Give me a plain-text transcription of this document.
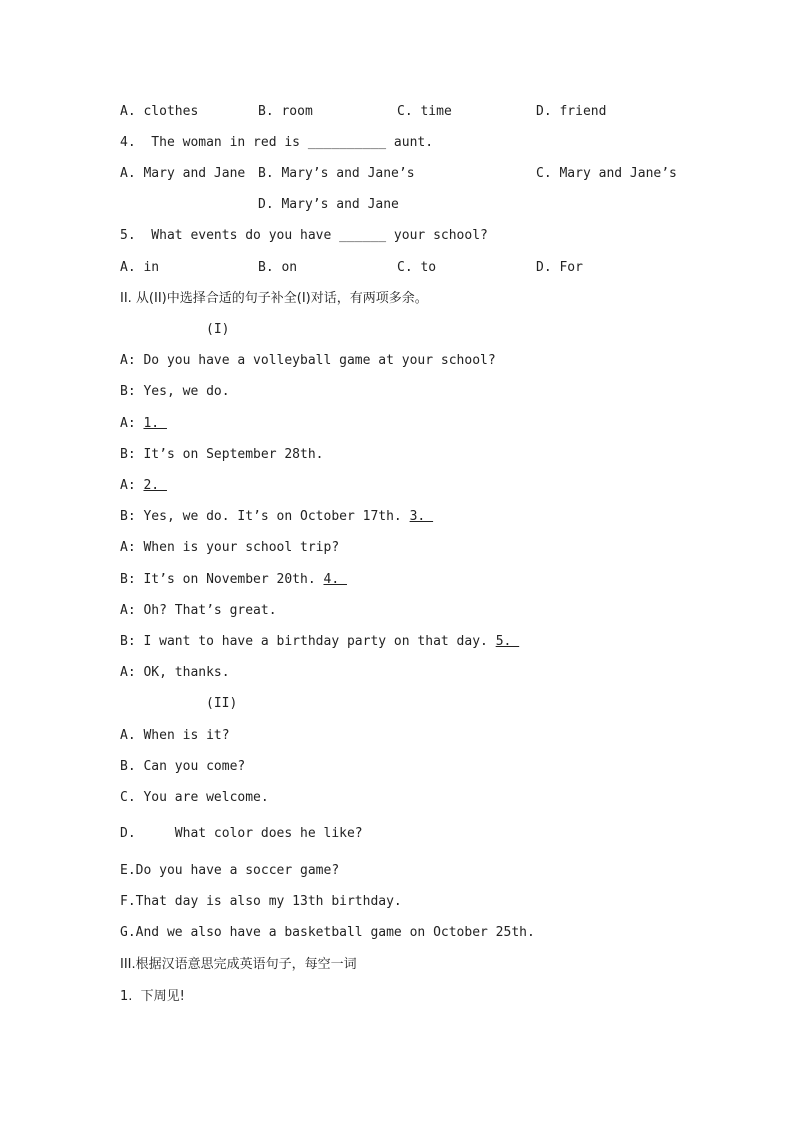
A. clothes	B. room	C. time	D. friend
4.  The woman in red is __________ aunt.
A. Mary and Jane B. Mary’s and Jane’s	C. Mary and Jane’s
D. Mary’s and Jane
5.  What events do you have ______ your school?
A. in	B. on	C. to	D. For
II. 从(II)中选择合适的句子补全(I)对话，有两项多余。
(I)
A: Do you have a volleyball game at your school?
B: Yes, we do.
A: 1.
B: It’s on September 28th.
A: 2.
B: Yes, we do. It’s on October 17th. 3.
A: When is your school trip?
B: It’s on November 20th. 4.
A: Oh? That’s great.
B: I want to have a birthday party on that day. 5.
A: OK, thanks.
(II)
A. When is it?
B. Can you come?
C. You are welcome.
D.     What color does he like?
E.Do you have a soccer game?
F.That day is also my 13th birthday.
G.And we also have a basketball game on October 25th.
III.根据汉语意思完成英语句子，每空一词
1.  下周见!
